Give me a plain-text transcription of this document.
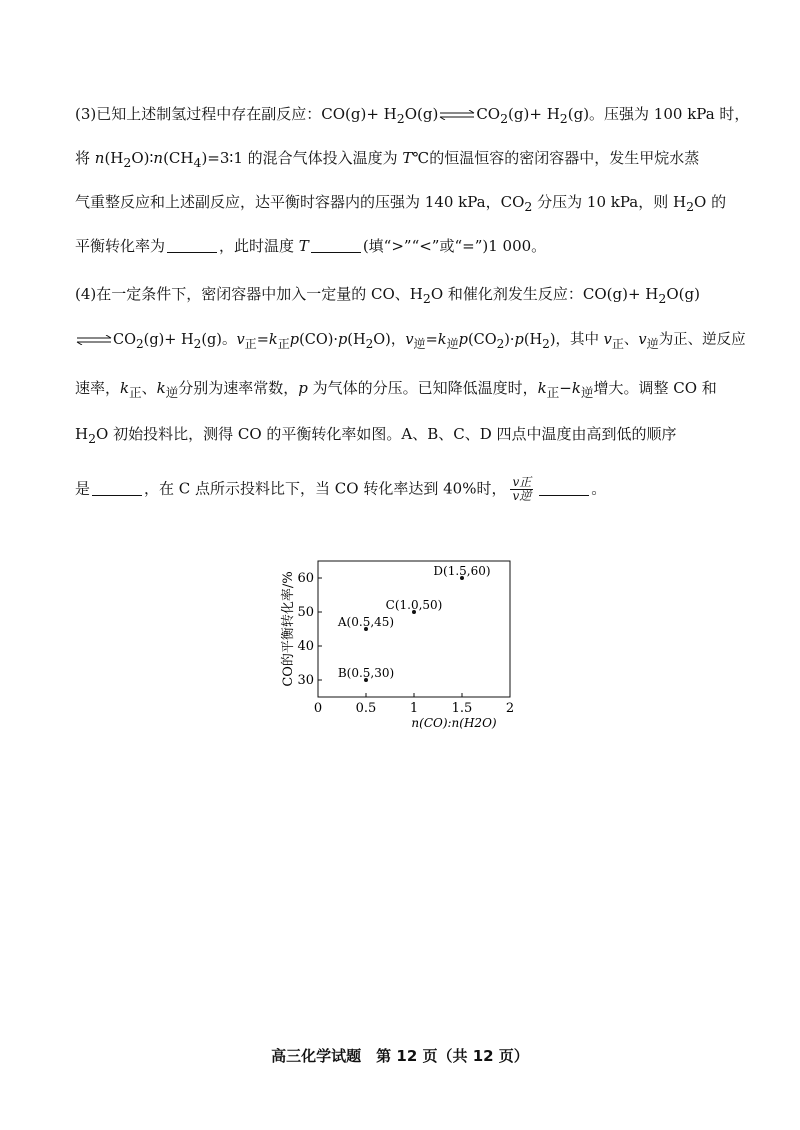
(3)已知上述制氢过程中存在副反应：$CO(g)+ H_2O(g)\rightleftharpoons CO_2(g)+ H_2(g)$。压强为 100 kPa 时，
将 $n(H_2O)∶n(CH_4)=3∶1$ 的混合气体投入温度为 T℃的恒温恒容的密闭容器中，发生甲烷水蒸
气重整反应和上述副反应，达平衡时容器内的压强为 140 kPa，$CO_2$ 分压为 10 kPa，则 $H_2O$ 的
平衡转化率为	，此时温度 T	(填“>”“<”或“=”)1 000。
(4)在一定条件下，密闭容器中加入一定量的 CO、$H_2O$ 和催化剂发生反应：$CO(g)+ H_2O(g)$
$\rightleftharpoons CO_2(g)+ H_2(g)$。$v_正=k_正p(CO)\cdot p(H_2O)$，$v_逆=k_逆p(CO_2)\cdot p(H_2)$，其中 $v_正$、$v_逆$为正、逆反应
速率，$k_正$、$k_逆$分别为速率常数，p 为气体的分压。已知降低温度时，$k_正-k_逆$增大。调整 CO 和
$H_2O$ 初始投料比，测得 CO 的平衡转化率如图。A、B、C、D 四点中温度由高到低的顺序
是	，在 C 点所示投料比下，当 CO 转化率达到 40%时， $\frac{\text{v正}}{\text{v逆}}$	。
0	0.5	1	1.5	2
30
40
50
60
A(0.5,45)
B(0.5,30)
C(1.0,50)
D(1.5,60)
CO的平衡转化率/%
n(CO):n(H2O)
高三化学试题　第 12 页（共 12 页）
